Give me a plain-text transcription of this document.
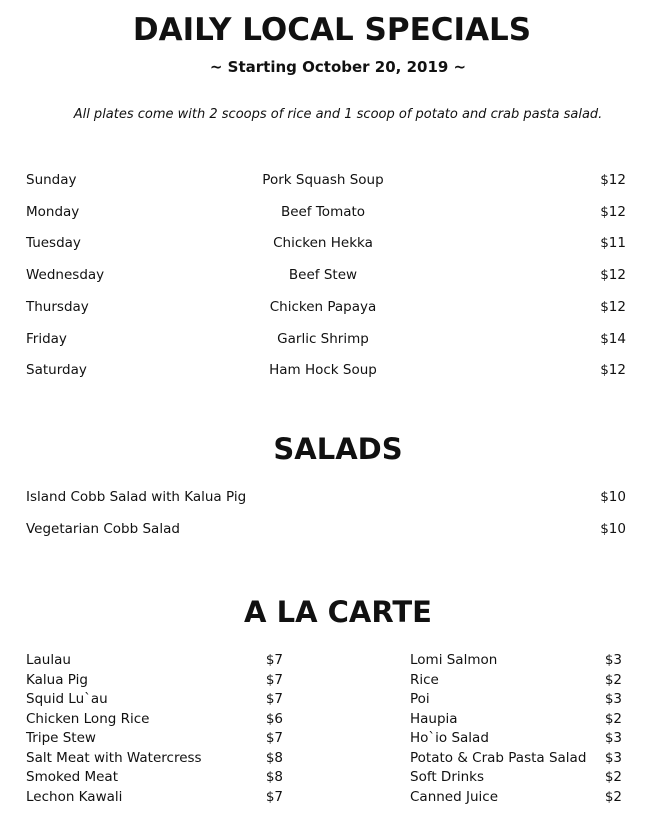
DAILY LOCAL SPECIALS

~ Starting October 20, 2019 ~

All plates come with 2 scoops of rice and 1 scoop of potato and crab pasta salad.

Sunday	Pork Squash Soup	$12
Monday	Beef Tomato	$12
Tuesday	Chicken Hekka	$11
Wednesday	Beef Stew	$12
Thursday	Chicken Papaya	$12
Friday	Garlic Shrimp	$14
Saturday	Ham Hock Soup	$12
SALADS
Island Cobb Salad with Kalua Pig	$10
Vegetarian Cobb Salad	$10
A LA CARTE
Laulau	$7
Kalua Pig	$7
Squid Lu`au	$7
Chicken Long Rice	$6
Tripe Stew	$7
Salt Meat with Watercress	$8
Smoked Meat	$8
Lechon Kawali	$7
Lomi Salmon	$3
Rice	$2
Poi	$3
Haupia	$2
Ho`io Salad	$3
Potato & Crab Pasta Salad $3
Soft Drinks	$2
Canned Juice	$2
